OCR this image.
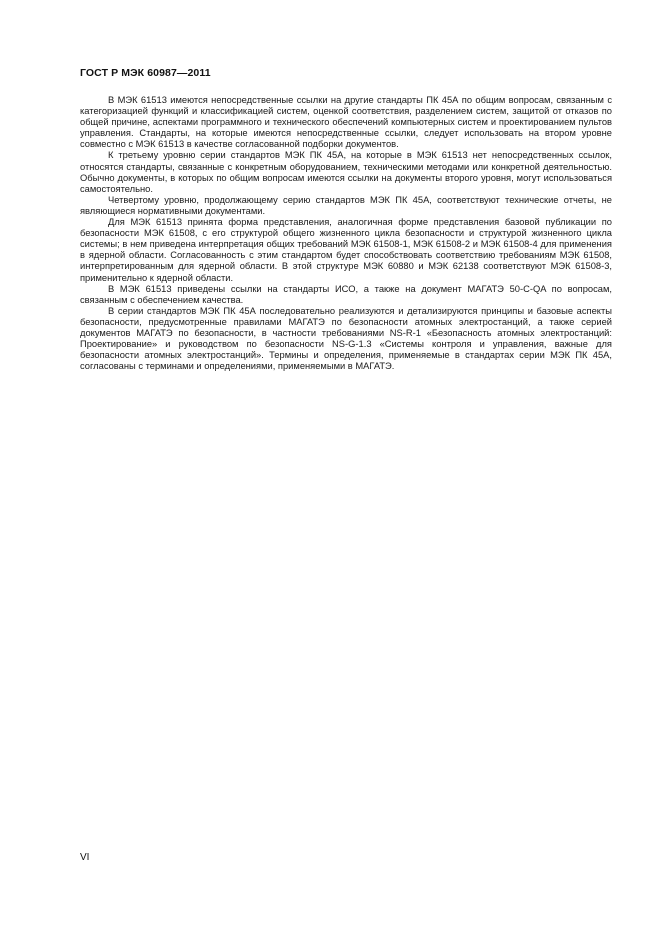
ГОСТ Р МЭК 60987—2011

В МЭК 61513 имеются непосредственные ссылки на другие стандарты ПК 45А по общим вопросам, связанным с категоризацией функций и классификацией систем, оценкой соответствия, разделением систем, защитой от отказов по общей причине, аспектами программного и технического обеспечений компьютерных систем и проектированием пультов управления. Стандарты, на которые имеются непосредственные ссылки, следует использовать на втором уровне совместно с МЭК 61513 в качестве согласованной подборки документов.

К третьему уровню серии стандартов МЭК ПК 45А, на которые в МЭК 61513 нет непосредственных ссылок, относятся стандарты, связанные с конкретным оборудованием, техническими методами или конкретной деятельностью. Обычно документы, в которых по общим вопросам имеются ссылки на документы второго уровня, могут использоваться самостоятельно.

Четвертому уровню, продолжающему серию стандартов МЭК ПК 45А, соответствуют технические отчеты, не являющиеся нормативными документами.

Для МЭК 61513 принята форма представления, аналогичная форме представления базовой публикации по безопасности МЭК 61508, с его структурой общего жизненного цикла безопасности и структурой жизненного цикла системы; в нем приведена интерпретация общих требований МЭК 61508-1, МЭК 61508-2 и МЭК 61508-4 для применения в ядерной области. Согласованность с этим стандартом будет способствовать соответствию требованиям МЭК 61508, интерпретированным для ядерной области. В этой структуре МЭК 60880 и МЭК 62138 соответствуют МЭК 61508-3, применительно к ядерной области.

В МЭК 61513 приведены ссылки на стандарты ИСО, а также на документ МАГАТЭ 50-С-QA по вопросам, связанным с обеспечением качества.

В серии стандартов МЭК ПК 45А последовательно реализуются и детализируются принципы и базовые аспекты безопасности, предусмотренные правилами МАГАТЭ по безопасности атомных электростанций, а также серией документов МАГАТЭ по безопасности, в частности требованиями NS-R-1 «Безопасность атомных электростанций: Проектирование» и руководством по безопасности NS-G-1.3 «Системы контроля и управления, важные для безопасности атомных электростанций». Термины и определения, применяемые в стандартах серии МЭК ПК 45А, согласованы с терминами и определениями, применяемыми в МАГАТЭ.

VI
